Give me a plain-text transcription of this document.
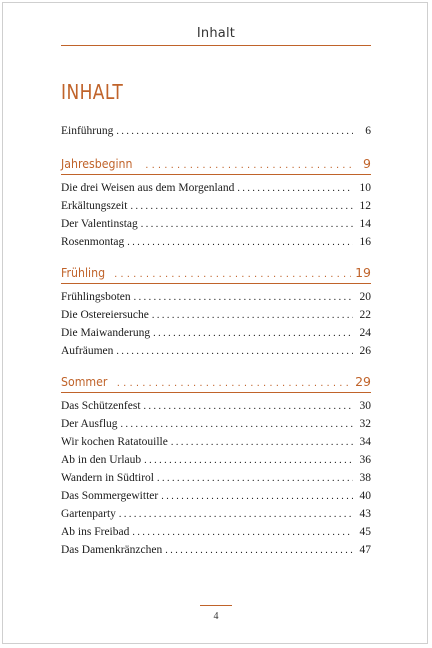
Inhalt
INHALT
Einführung . . .	6
Jahresbeginn . . .	9
Die drei Weisen aus dem Morgenland . . .	10
Erkältungszeit . . .	12
Der Valentinstag . . .	14
Rosenmontag . . .	16
Frühling . . .	19
Frühlingsboten . . .	20
Die Ostereiersuche . . .	22
Die Maiwanderung . . .	24
Aufräumen . . .	26
Sommer . . .	29
Das Schützenfest . . .	30
Der Ausflug . . .	32
Wir kochen Ratatouille . . .	34
Ab in den Urlaub . . .	36
Wandern in Südtirol . . .	38
Das Sommergewitter . . .	40
Gartenparty . . .	43
Ab ins Freibad . . .	45
Das Damenkränzchen . . .	47
4
